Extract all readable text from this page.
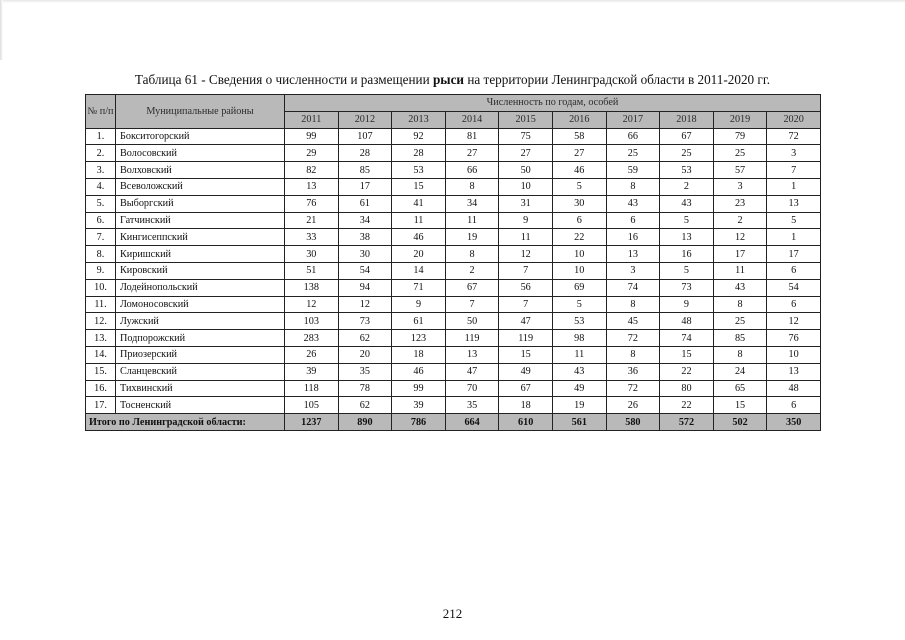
Таблица 61 - Сведения о численности и размещении рыси на территории Ленинградской области в 2011-2020 гг.
№ п/п	Муниципальные районы	Численность по годам, особей									
		2011	2012	2013	2014	2015	2016	2017	2018	2019	2020
1.	Бокситогорский	99	107	92	81	75	58	66	67	79	72
2.	Волосовский	29	28	28	27	27	27	25	25	25	3
3.	Волховский	82	85	53	66	50	46	59	53	57	7
4.	Всеволожский	13	17	15	8	10	5	8	2	3	1
5.	Выборгский	76	61	41	34	31	30	43	43	23	13
6.	Гатчинский	21	34	11	11	9	6	6	5	2	5
7.	Кингисеппский	33	38	46	19	11	22	16	13	12	1
8.	Киришский	30	30	20	8	12	10	13	16	17	17
9.	Кировский	51	54	14	2	7	10	3	5	11	6
10.	Лодейнопольский	138	94	71	67	56	69	74	73	43	54
11.	Ломоносовский	12	12	9	7	7	5	8	9	8	6
12.	Лужский	103	73	61	50	47	53	45	48	25	12
13.	Подпорожский	283	62	123	119	119	98	72	74	85	76
14.	Приозерский	26	20	18	13	15	11	8	15	8	10
15.	Сланцевский	39	35	46	47	49	43	36	22	24	13
16.	Тихвинский	118	78	99	70	67	49	72	80	65	48
17.	Тосненский	105	62	39	35	18	19	26	22	15	6
Итого по Ленинградской области:		1237	890	786	664	610	561	580	572	502	350
212
